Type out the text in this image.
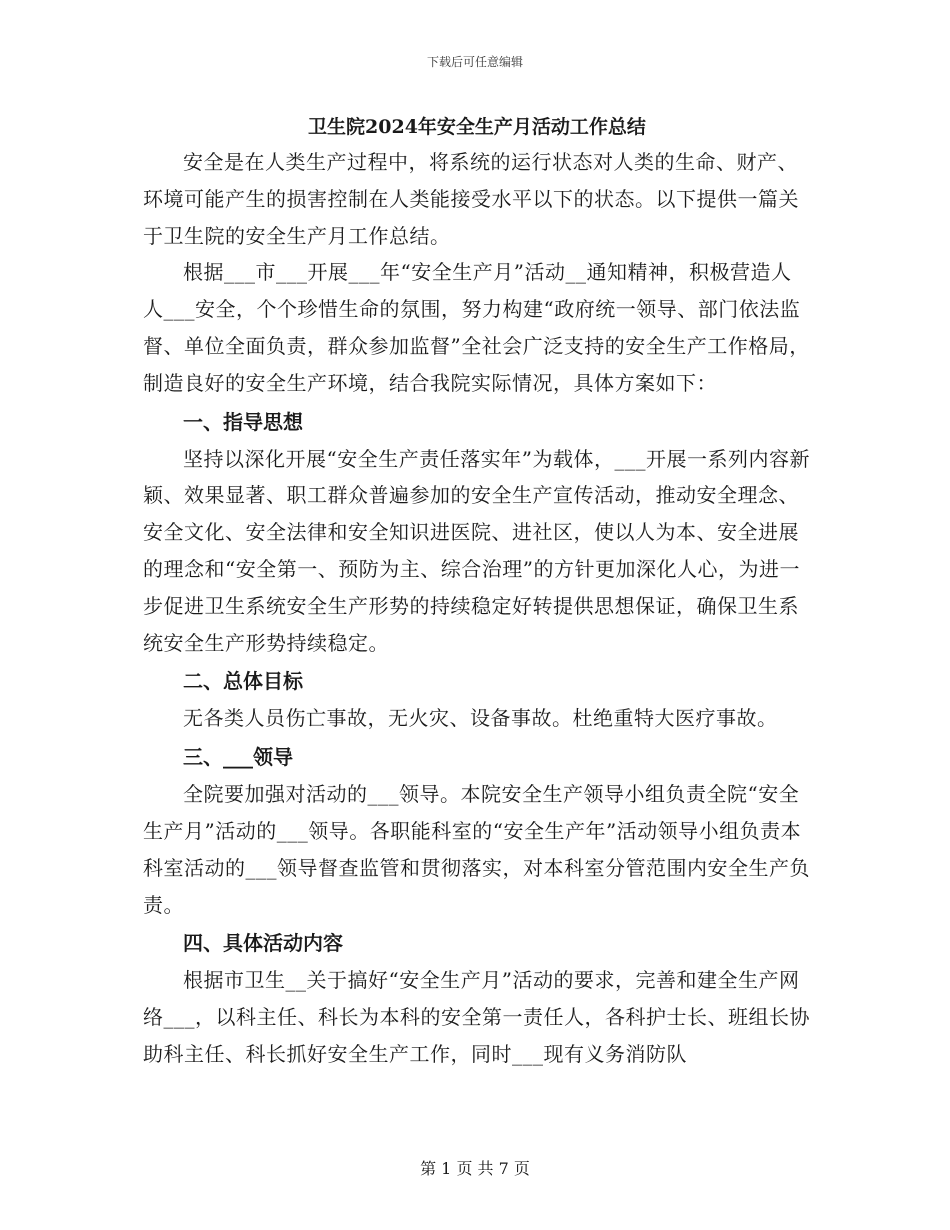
下载后可任意编辑
卫生院2024年安全生产月活动工作总结

安全是在人类生产过程中，将系统的运行状态对人类的生命、财产、环境可能产生的损害控制在人类能接受水平以下的状态。以下提供一篇关于卫生院的安全生产月工作总结。

根据___市___开展___年“安全生产月”活动__通知精神，积极营造人人___安全，个个珍惜生命的氛围，努力构建“政府统一领导、部门依法监督、单位全面负责，群众参加监督”全社会广泛支持的安全生产工作格局，制造良好的安全生产环境，结合我院实际情况，具体方案如下：

一、指导思想

坚持以深化开展“安全生产责任落实年”为载体，___开展一系列内容新颖、效果显著、职工群众普遍参加的安全生产宣传活动，推动安全理念、安全文化、安全法律和安全知识进医院、进社区，使以人为本、安全进展的理念和“安全第一、预防为主、综合治理”的方针更加深化人心，为进一步促进卫生系统安全生产形势的持续稳定好转提供思想保证，确保卫生系统安全生产形势持续稳定。

二、总体目标

无各类人员伤亡事故，无火灾、设备事故。杜绝重特大医疗事故。

三、___领导

全院要加强对活动的___领导。本院安全生产领导小组负责全院“安全生产月”活动的___领导。各职能科室的“安全生产年”活动领导小组负责本科室活动的___领导督查监管和贯彻落实，对本科室分管范围内安全生产负责。

四、具体活动内容

根据市卫生__关于搞好“安全生产月”活动的要求，完善和建全生产网络___，以科主任、科长为本科的安全第一责任人，各科护士长、班组长协助科主任、科长抓好安全生产工作，同时___现有义务消防队

第 1 页 共 7 页
